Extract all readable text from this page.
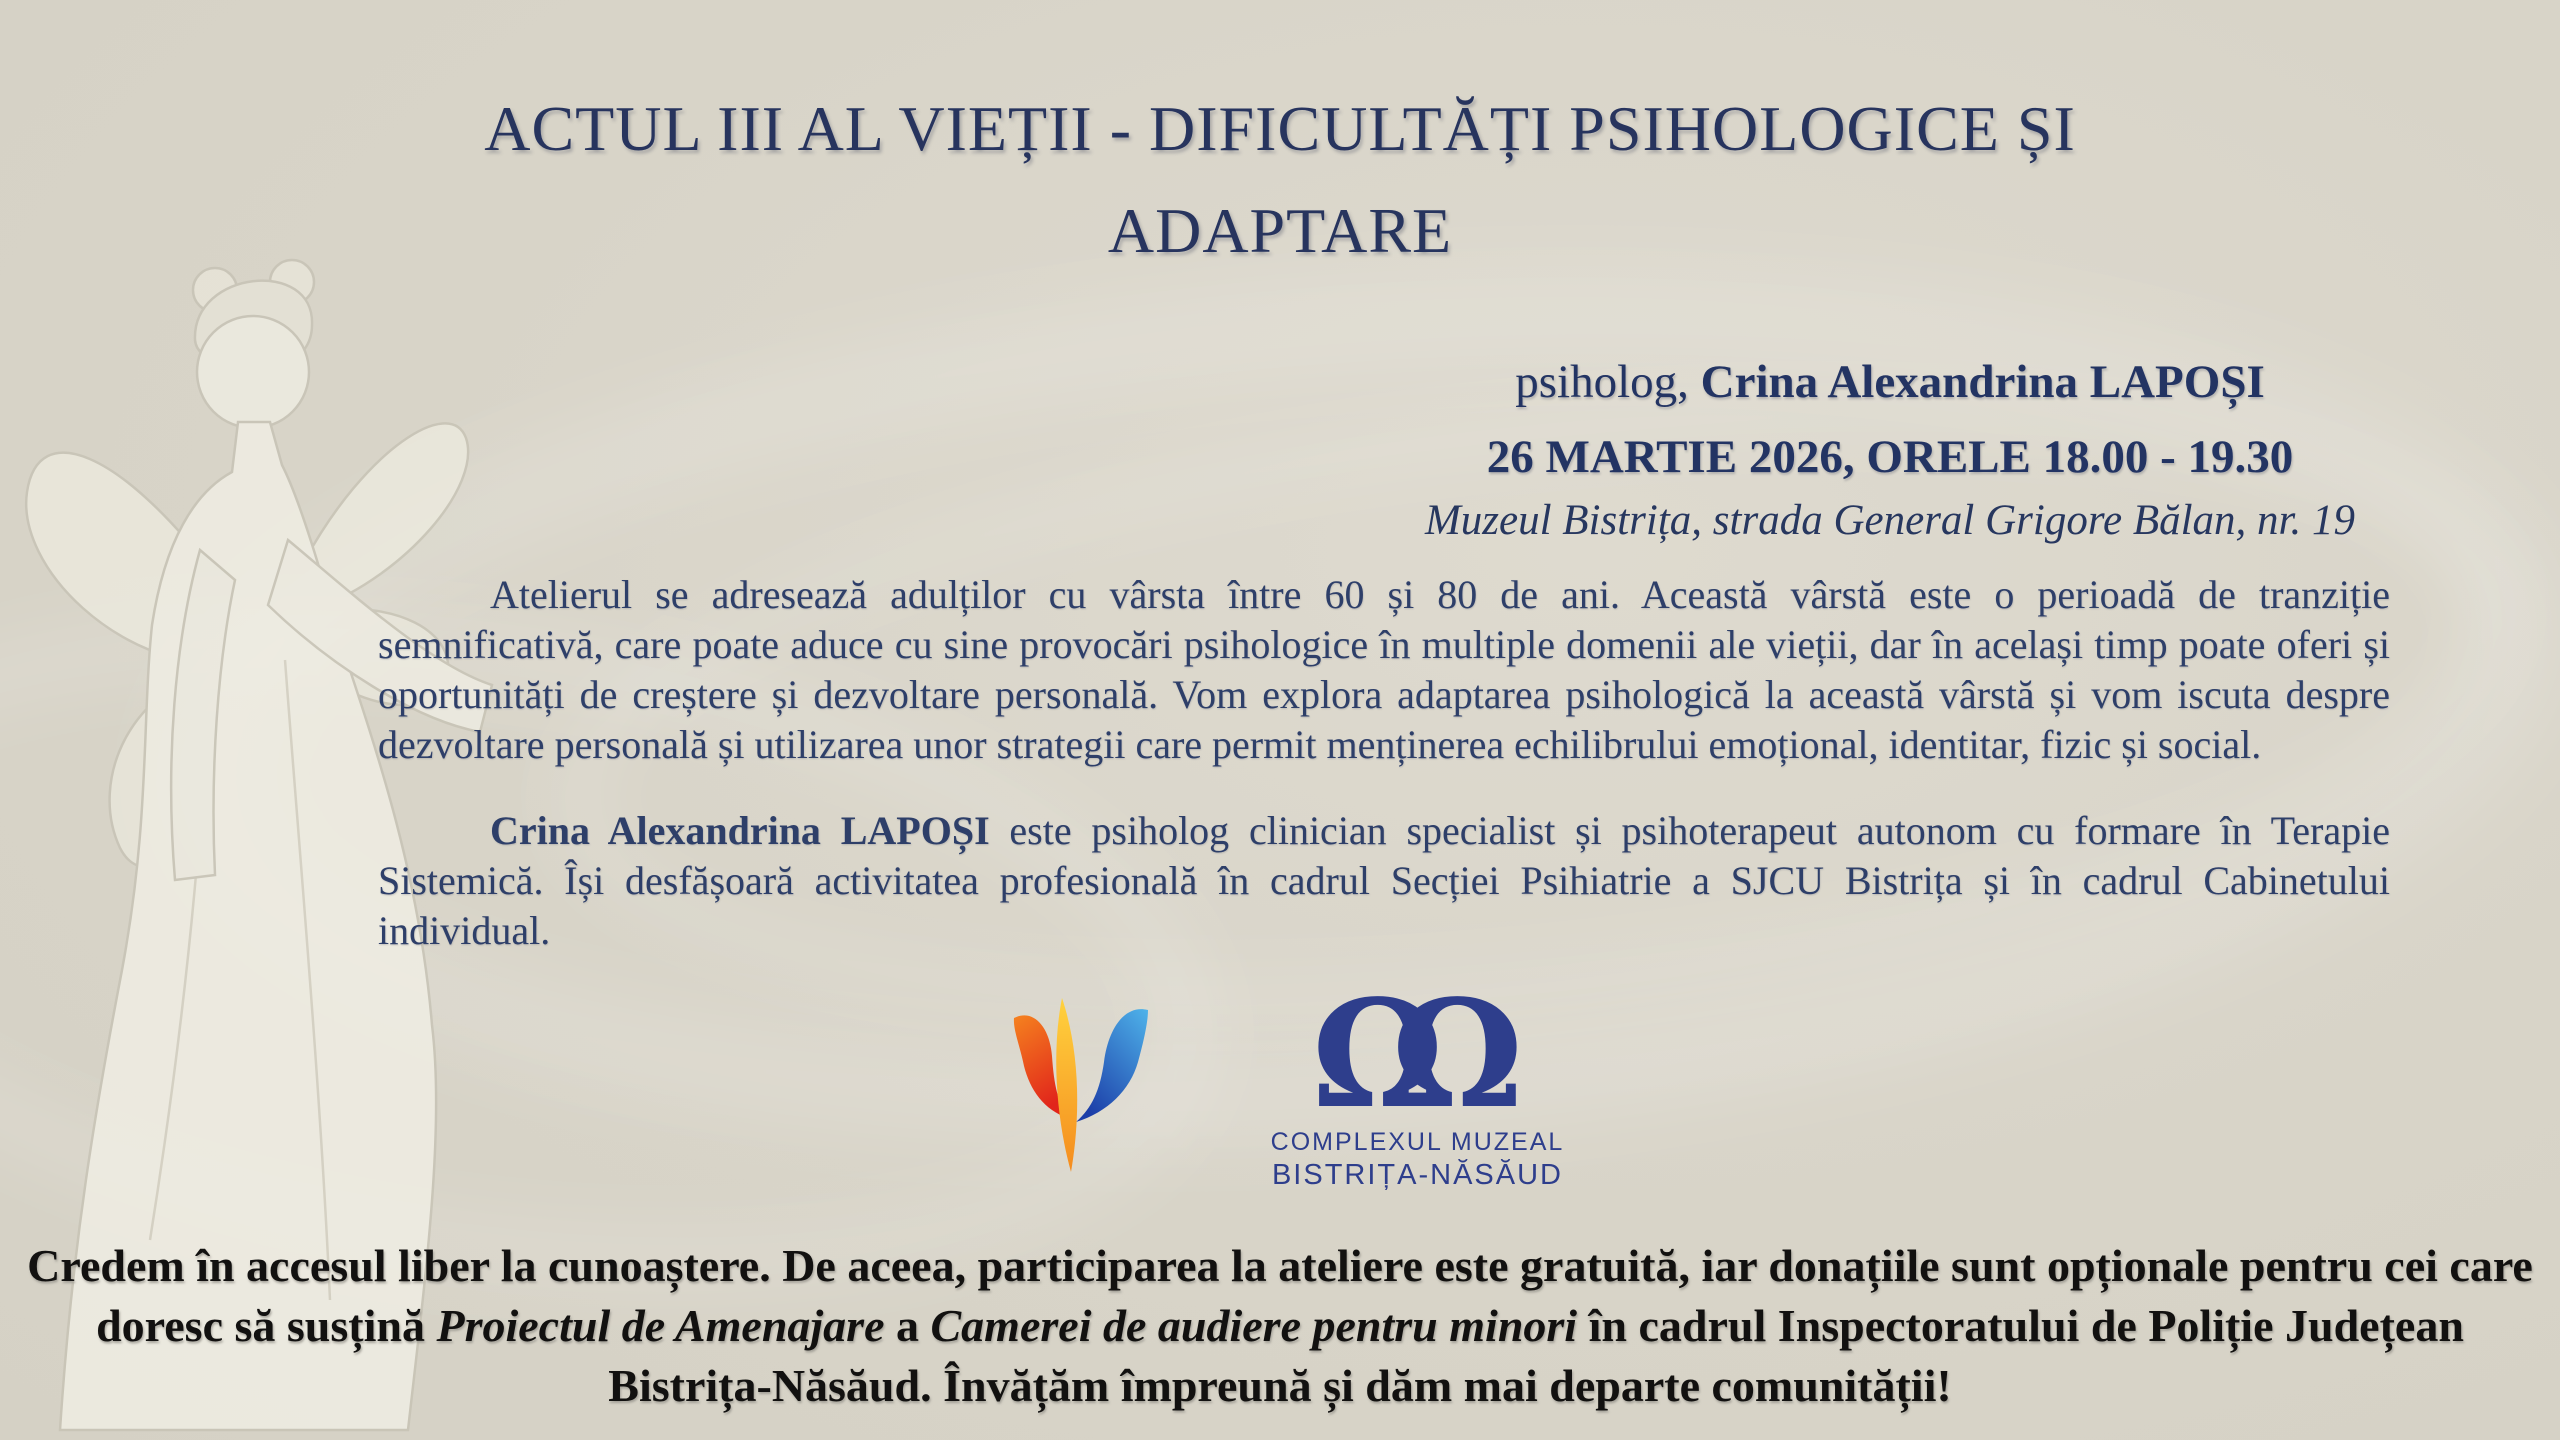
ACTUL III AL VIEȚII - DIFICULTĂȚI PSIHOLOGICE ȘI
ADAPTARE
psiholog, Crina Alexandrina LAPOȘI
26 MARTIE 2026, ORELE 18.00 - 19.30
Muzeul Bistrița, strada General Grigore Bălan, nr. 19

Atelierul se adresează adulților cu vârsta între 60 și 80 de ani. Această vârstă este o perioadă de tranziție semnificativă, care poate aduce cu sine provocări psihologice în multiple domenii ale vieții, dar în același timp poate oferi și oportunități de creștere și dezvoltare personală. Vom explora adaptarea psihologică la această vârstă și vom iscuta despre dezvoltare personală și utilizarea unor strategii care permit menținerea echilibrului emoțional, identitar, fizic și social.

Crina Alexandrina LAPOȘI este psiholog clinician specialist și psihoterapeut autonom cu formare în Terapie Sistemică. Își desfășoară activitatea profesională în cadrul Secției Psihiatrie a SJCU Bistrița și în cadrul Cabinetului individual.

ΩΩ
COMPLEXUL MUZEAL
BISTRIȚA-NĂSĂUD

Credem în accesul liber la cunoaștere. De aceea, participarea la ateliere este gratuită, iar donațiile sunt opționale pentru cei care doresc să susțină Proiectul de Amenajare a Camerei de audiere pentru minori în cadrul Inspectoratului de Poliție Județean Bistrița-Năsăud. Învățăm împreună și dăm mai departe comunității!
